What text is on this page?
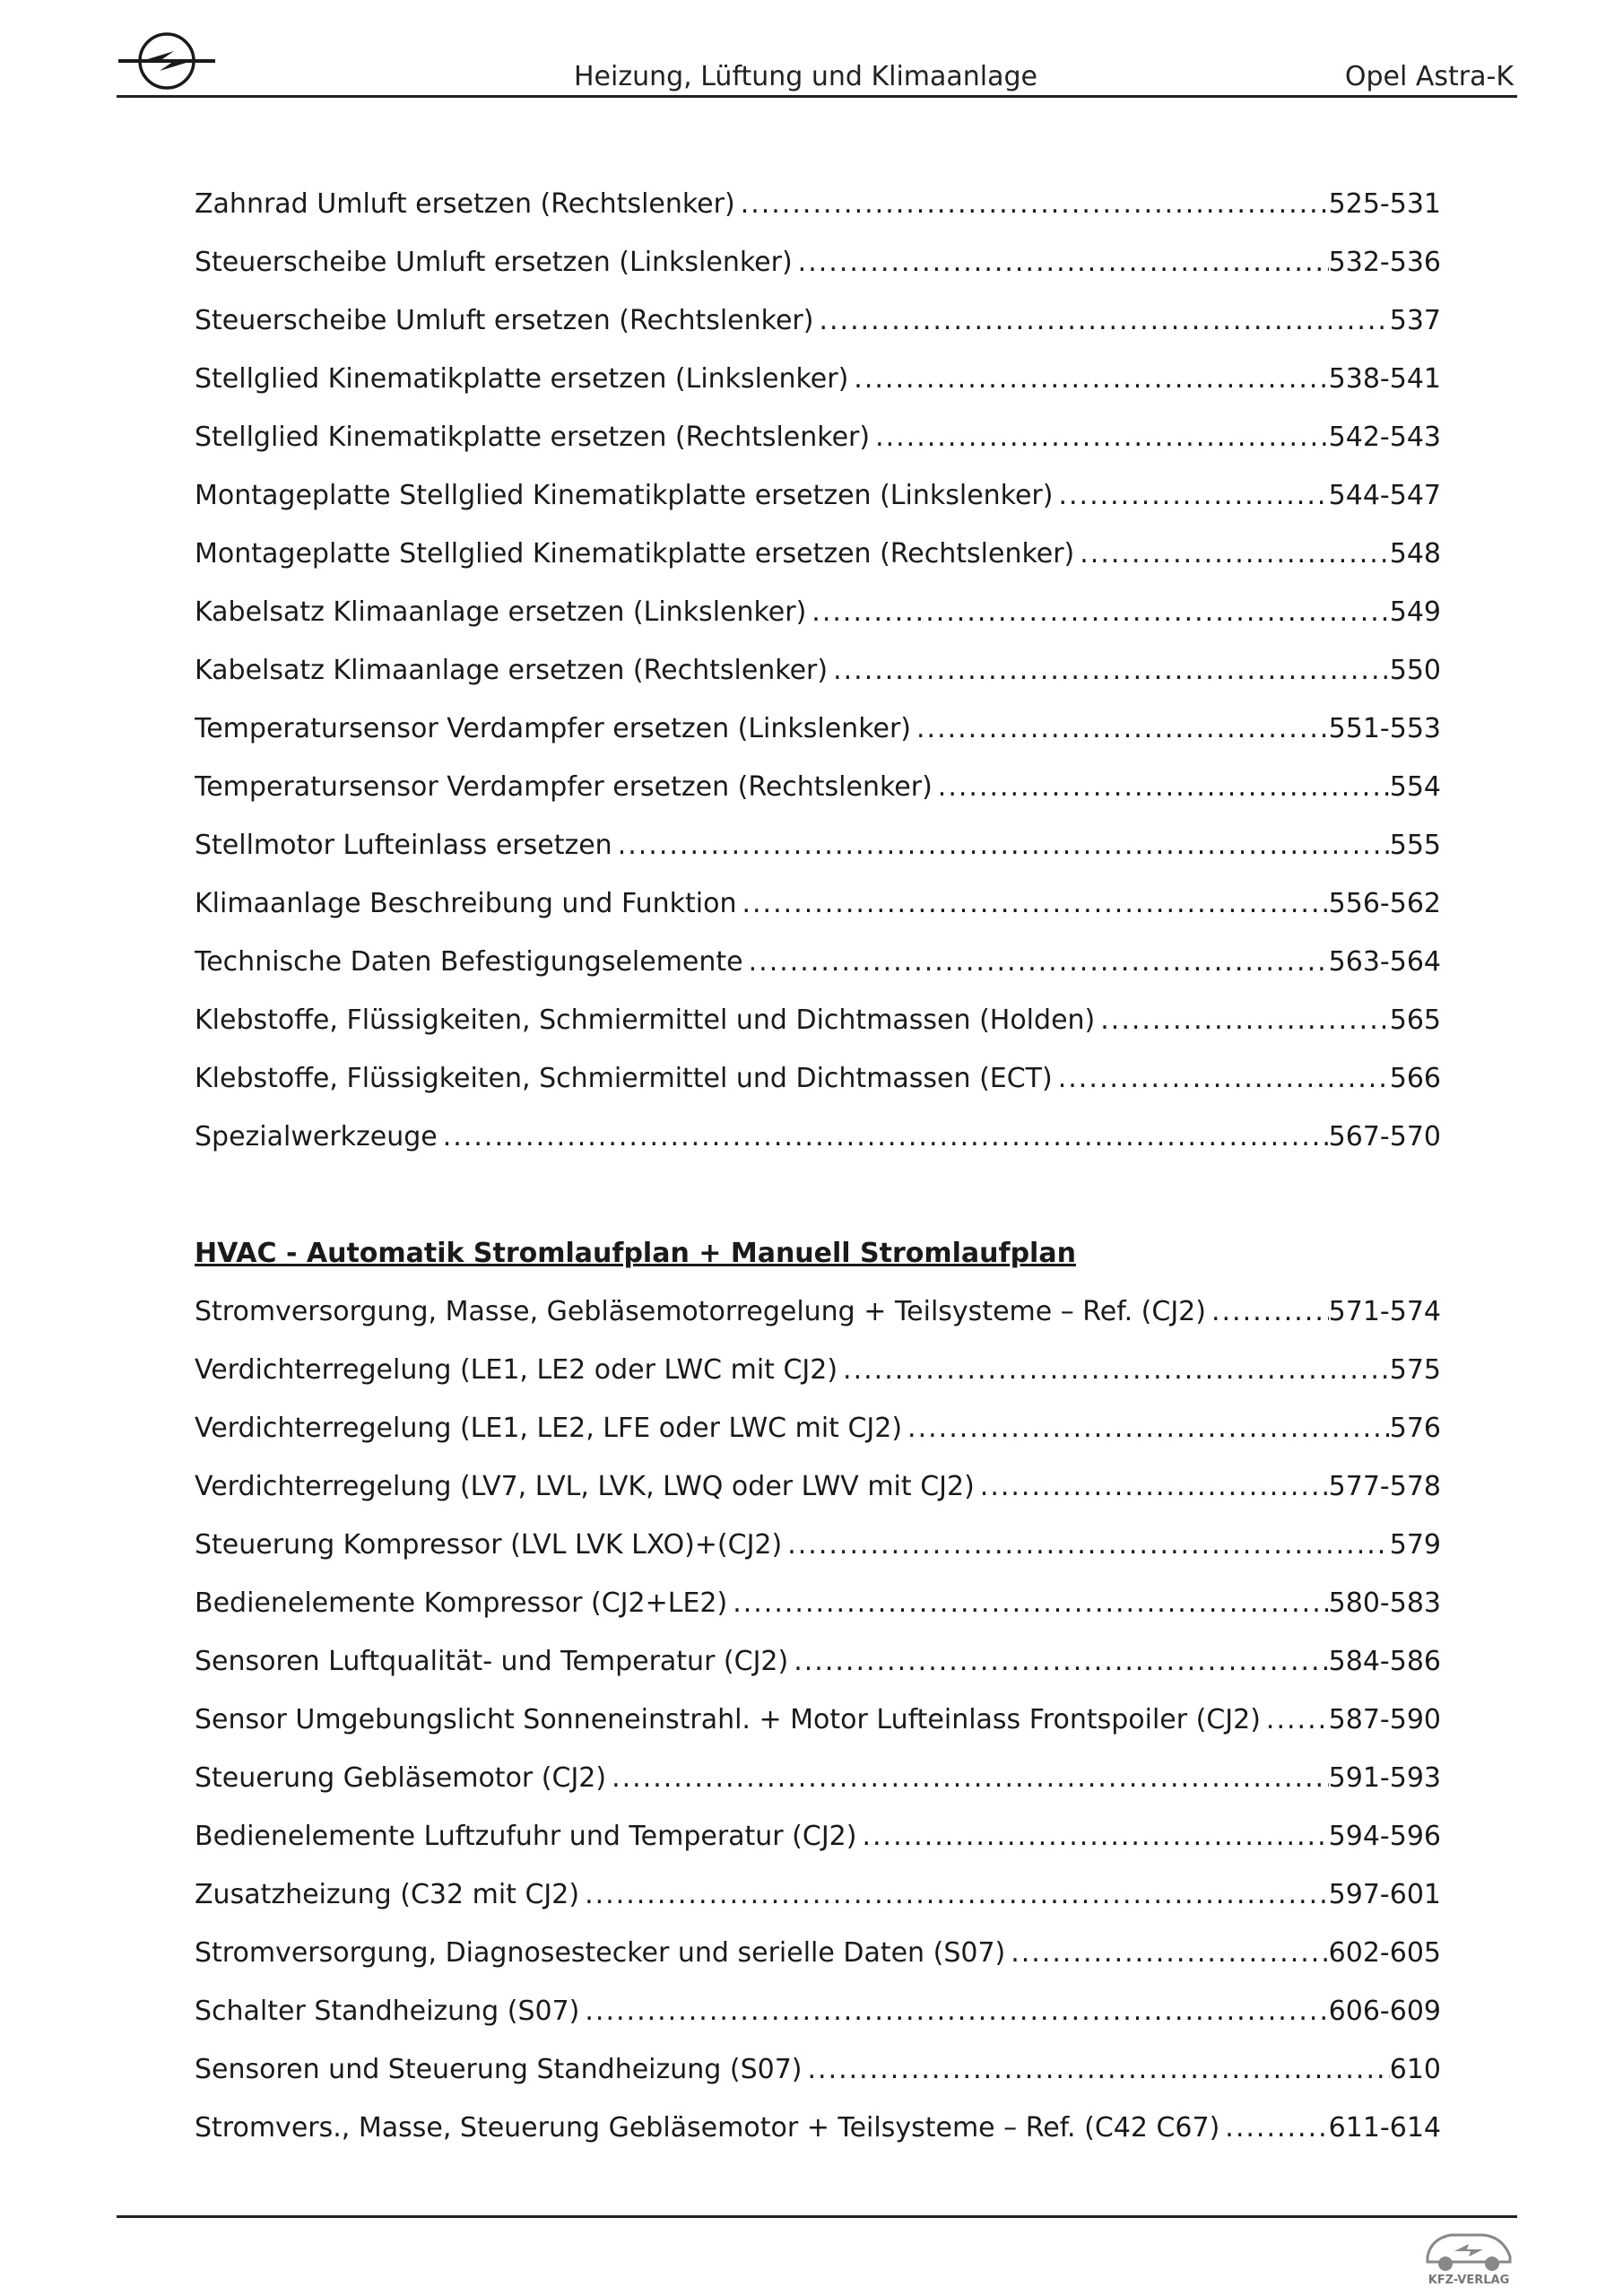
Heizung, Lüftung und Klimaanlage	Opel Astra-K
Zahnrad Umluft ersetzen (Rechtslenker) .....	525-531
Steuerscheibe Umluft ersetzen (Linkslenker) .....	532-536
Steuerscheibe Umluft ersetzen (Rechtslenker) .....	537
Stellglied Kinematikplatte ersetzen (Linkslenker) .....	538-541
Stellglied Kinematikplatte ersetzen (Rechtslenker) .....	542-543
Montageplatte Stellglied Kinematikplatte ersetzen (Linkslenker) .....	544-547
Montageplatte Stellglied Kinematikplatte ersetzen (Rechtslenker) .....	548
Kabelsatz Klimaanlage ersetzen (Linkslenker) .....	549
Kabelsatz Klimaanlage ersetzen (Rechtslenker) .....	550
Temperatursensor Verdampfer ersetzen (Linkslenker) .....	551-553
Temperatursensor Verdampfer ersetzen (Rechtslenker) .....	554
Stellmotor Lufteinlass ersetzen .....	555
Klimaanlage Beschreibung und Funktion .....	556-562
Technische Daten Befestigungselemente .....	563-564
Klebstoffe, Flüssigkeiten, Schmiermittel und Dichtmassen (Holden) .....	565
Klebstoffe, Flüssigkeiten, Schmiermittel und Dichtmassen (ECT) .....	566
Spezialwerkzeuge .....	567-570
HVAC - Automatik Stromlaufplan + Manuell Stromlaufplan
Stromversorgung, Masse, Gebläsemotorregelung + Teilsysteme – Ref. (CJ2) .....	571-574
Verdichterregelung (LE1, LE2 oder LWC mit CJ2) .....	575
Verdichterregelung (LE1, LE2, LFE oder LWC mit CJ2) .....	576
Verdichterregelung (LV7, LVL, LVK, LWQ oder LWV mit CJ2) .....	577-578
Steuerung Kompressor (LVL LVK LXO)+(CJ2) .....	579
Bedienelemente Kompressor (CJ2+LE2) .....	580-583
Sensoren Luftqualität- und Temperatur (CJ2) .....	584-586
Sensor Umgebungslicht Sonneneinstrahl. + Motor Lufteinlass Frontspoiler (CJ2) .....	587-590
Steuerung Gebläsemotor (CJ2) .....	591-593
Bedienelemente Luftzufuhr und Temperatur (CJ2) .....	594-596
Zusatzheizung (C32 mit CJ2) .....	597-601
Stromversorgung, Diagnosestecker und serielle Daten (S07) .....	602-605
Schalter Standheizung (S07) .....	606-609
Sensoren und Steuerung Standheizung (S07) .....	610
Stromvers., Masse, Steuerung Gebläsemotor + Teilsysteme – Ref. (C42 C67) .....	611-614
KFZ-VERLAG
